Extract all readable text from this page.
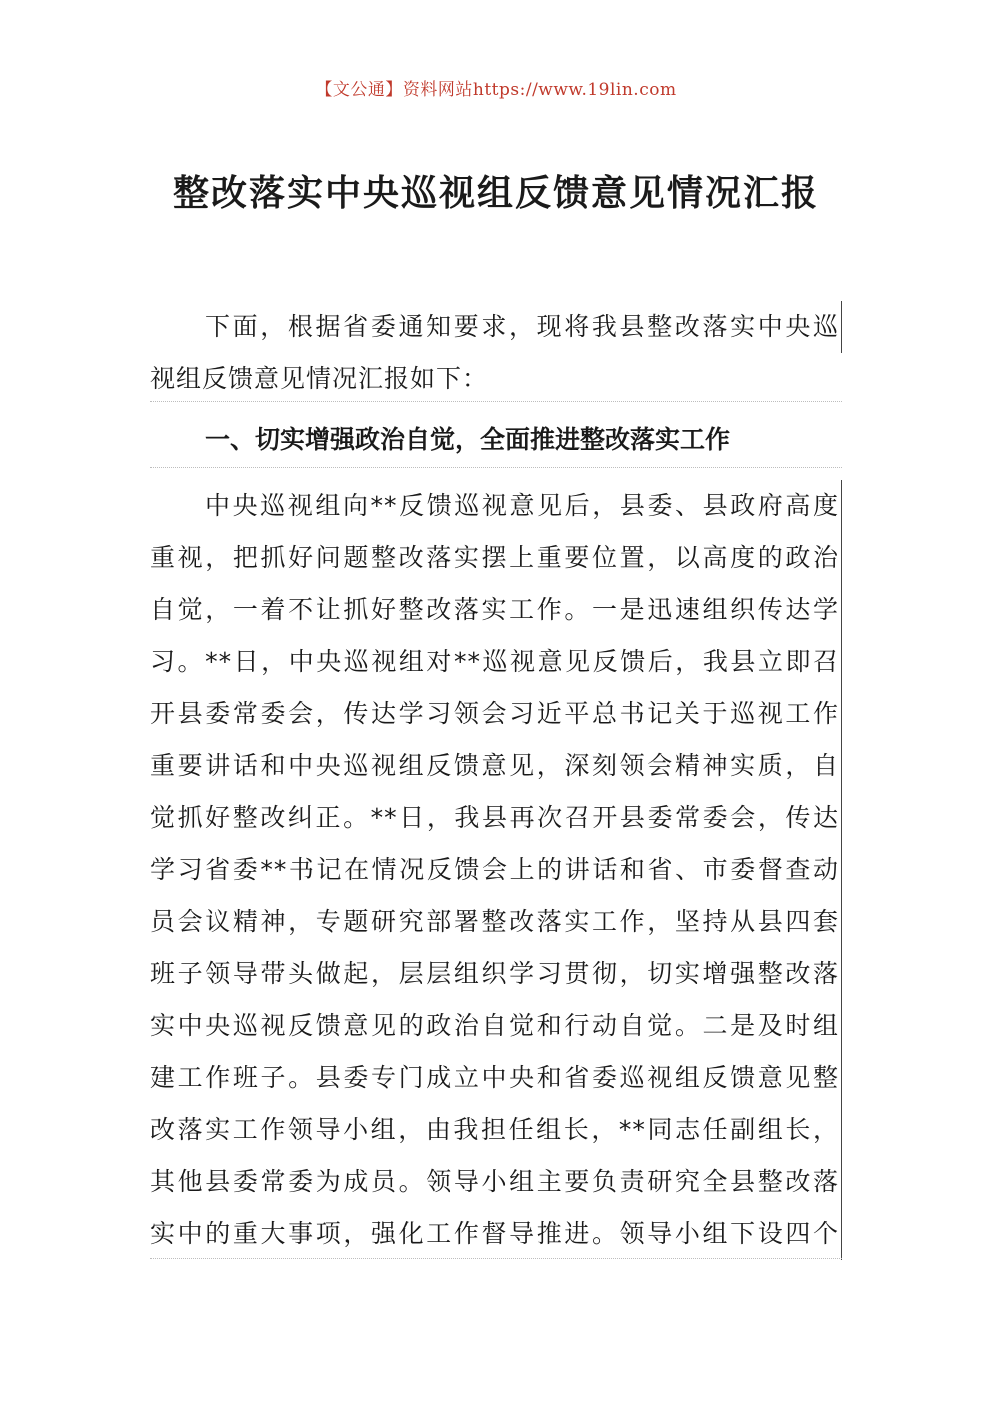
【文公通】资料网站https://www.19lin.com
整改落实中央巡视组反馈意见情况汇报
下面，根据省委通知要求，现将我县整改落实中央巡
视组反馈意见情况汇报如下：
一、切实增强政治自觉，全面推进整改落实工作
中央巡视组向**反馈巡视意见后，县委、县政府高度
重视，把抓好问题整改落实摆上重要位置，以高度的政治
自觉，一着不让抓好整改落实工作。一是迅速组织传达学
习。**日，中央巡视组对**巡视意见反馈后，我县立即召
开县委常委会，传达学习领会习近平总书记关于巡视工作
重要讲话和中央巡视组反馈意见，深刻领会精神实质，自
觉抓好整改纠正。**日，我县再次召开县委常委会，传达
学习省委**书记在情况反馈会上的讲话和省、市委督查动
员会议精神，专题研究部署整改落实工作，坚持从县四套
班子领导带头做起，层层组织学习贯彻，切实增强整改落
实中央巡视反馈意见的政治自觉和行动自觉。二是及时组
建工作班子。县委专门成立中央和省委巡视组反馈意见整
改落实工作领导小组，由我担任组长，**同志任副组长，
其他县委常委为成员。领导小组主要负责研究全县整改落
实中的重大事项，强化工作督导推进。领导小组下设四个
